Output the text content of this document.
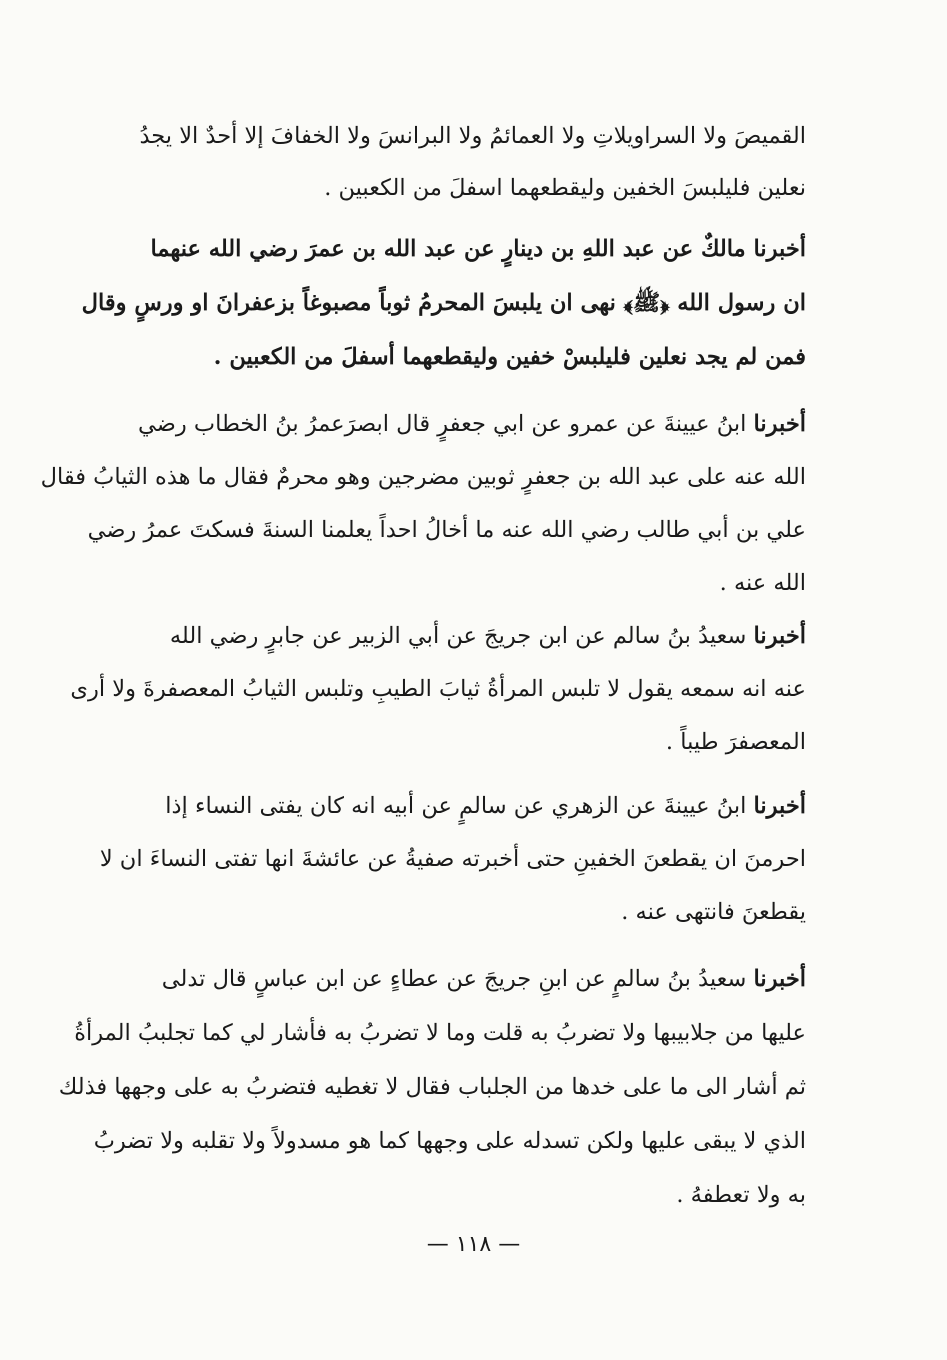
القميصَ ولا السراويلاتِ ولا العمائمُ ولا البرانسَ ولا الخفافَ إلا أحدٌ الا يجدُ
نعلين فليلبسَ الخفين وليقطعهما اسفلَ من الكعبين .
أخبرنا مالكٌ عن عبد اللهِ بن دينارٍ عن عبد الله بن عمرَ رضي الله عنهما
ان رسول الله ﴿ﷺ﴾ نهى ان يلبسَ المحرمُ ثوباً مصبوغاً بزعفرانَ او ورسٍ وقال
فمن لم يجد نعلين فليلبسْ خفين وليقطعهما أسفلَ من الكعبين .
أخبرنا ابنُ عيينةَ عن عمرو عن ابي جعفرٍ قال ابصرَعمرُ بنُ الخطاب رضي
الله عنه على عبد الله بن جعفرٍ ثوبين مضرجين وهو محرمٌ فقال ما هذه الثيابُ فقال
علي بن أبي طالب رضي الله عنه ما أخالُ احداً يعلمنا السنةَ فسكتَ عمرُ رضي
الله عنه .
أخبرنا سعيدُ بنُ سالم عن ابن جريجَ عن أبي الزبير عن جابرٍ رضي الله
عنه انه سمعه يقول لا تلبس المرأةُ ثيابَ الطيبِ وتلبس الثيابُ المعصفرةَ ولا أرى
المعصفرَ طيباً .
أخبرنا ابنُ عيينةَ عن الزهري عن سالمٍ عن أبيه انه كان يفتى النساء إذا
احرمنَ ان يقطعنَ الخفينِ حتى أخبرته صفيةُ عن عائشةَ انها تفتى النساءَ ان لا
يقطعنَ فانتهى عنه .
أخبرنا سعيدُ بنُ سالمٍ عن ابنِ جريجَ عن عطاءٍ عن ابن عباسٍ قال تدلى
عليها من جلابيبها ولا تضربُ به قلت وما لا تضربُ به فأشار لي كما تجلببُ المرأةُ
ثم أشار الى ما على خدها من الجلباب فقال لا تغطيه فتضربُ به على وجهها فذلك
الذي لا يبقى عليها ولكن تسدله على وجهها كما هو مسدولاً ولا تقلبه ولا تضربُ
به ولا تعطفهُ .
— ١١٨ —
